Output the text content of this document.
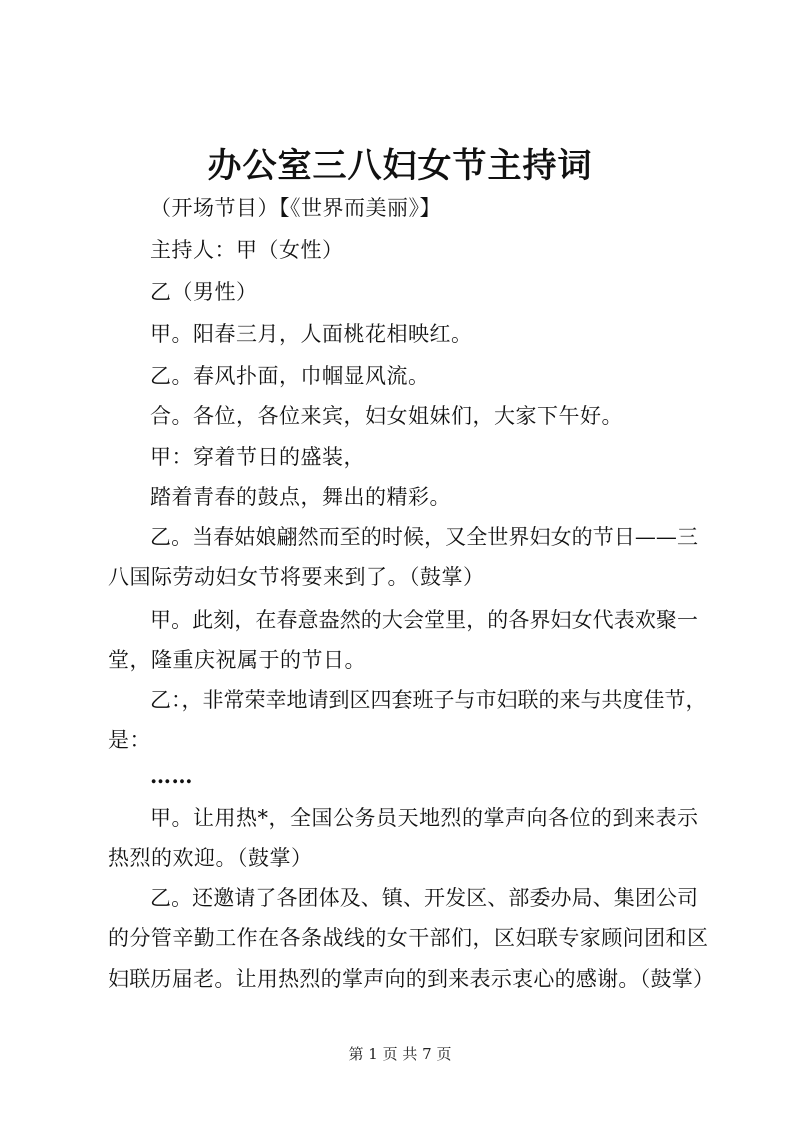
办公室三八妇女节主持词
（开场节目）【《世界而美丽》】
主持人：甲（女性）
乙（男性）
甲。阳春三月，人面桃花相映红。
乙。春风扑面，巾帼显风流。
合。各位，各位来宾，妇女姐妹们，大家下午好。
甲：穿着节日的盛装，
踏着青春的鼓点，舞出的精彩。
乙。当春姑娘翩然而至的时候，又全世界妇女的节日——三
八国际劳动妇女节将要来到了。（鼓掌）
甲。此刻，在春意盎然的大会堂里，的各界妇女代表欢聚一
堂，隆重庆祝属于的节日。
乙：，非常荣幸地请到区四套班子与市妇联的来与共度佳节，
是：
……
甲。让用热*，全国公务员天地烈的掌声向各位的到来表示
热烈的欢迎。（鼓掌）
乙。还邀请了各团体及、镇、开发区、部委办局、集团公司
的分管辛勤工作在各条战线的女干部们，区妇联专家顾问团和区
妇联历届老。让用热烈的掌声向的到来表示衷心的感谢。（鼓掌）
第 1 页 共 7 页
